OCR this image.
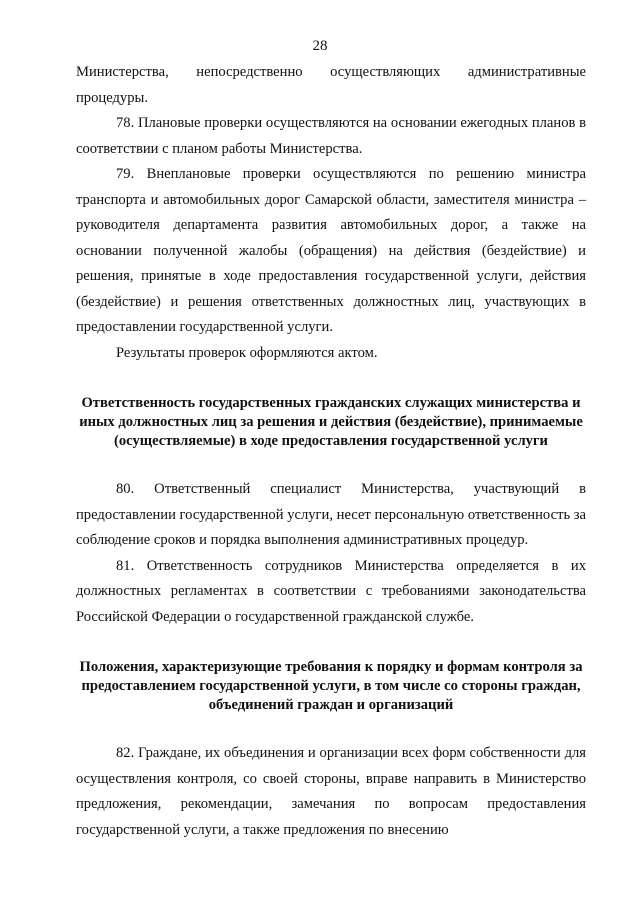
28

Министерства, непосредственно осуществляющих административные процедуры.

78. Плановые проверки осуществляются на основании ежегодных планов в соответствии с планом работы Министерства.

79. Внеплановые проверки осуществляются по решению министра транспорта и автомобильных дорог Самарской области, заместителя министра – руководителя департамента развития автомобильных дорог, а также на основании полученной жалобы (обращения) на действия (бездействие) и решения, принятые в ходе предоставления государственной услуги, действия (бездействие) и решения ответственных должностных лиц, участвующих в предоставлении государственной услуги.

Результаты проверок оформляются актом.

Ответственность государственных гражданских служащих министерства и иных должностных лиц за решения и действия (бездействие), принимаемые (осуществляемые) в ходе предоставления государственной услуги

80. Ответственный специалист Министерства, участвующий в предоставлении государственной услуги, несет персональную ответственность за соблюдение сроков и порядка выполнения административных процедур.

81. Ответственность сотрудников Министерства определяется в их должностных регламентах в соответствии с требованиями законодательства Российской Федерации о государственной гражданской службе.

Положения, характеризующие требования к порядку и формам контроля за предоставлением государственной услуги, в том числе со стороны граждан, объединений граждан и организаций

82. Граждане, их объединения и организации всех форм собственности для осуществления контроля, со своей стороны, вправе направить в Министерство предложения, рекомендации, замечания по вопросам предоставления государственной услуги, а также предложения по внесению
